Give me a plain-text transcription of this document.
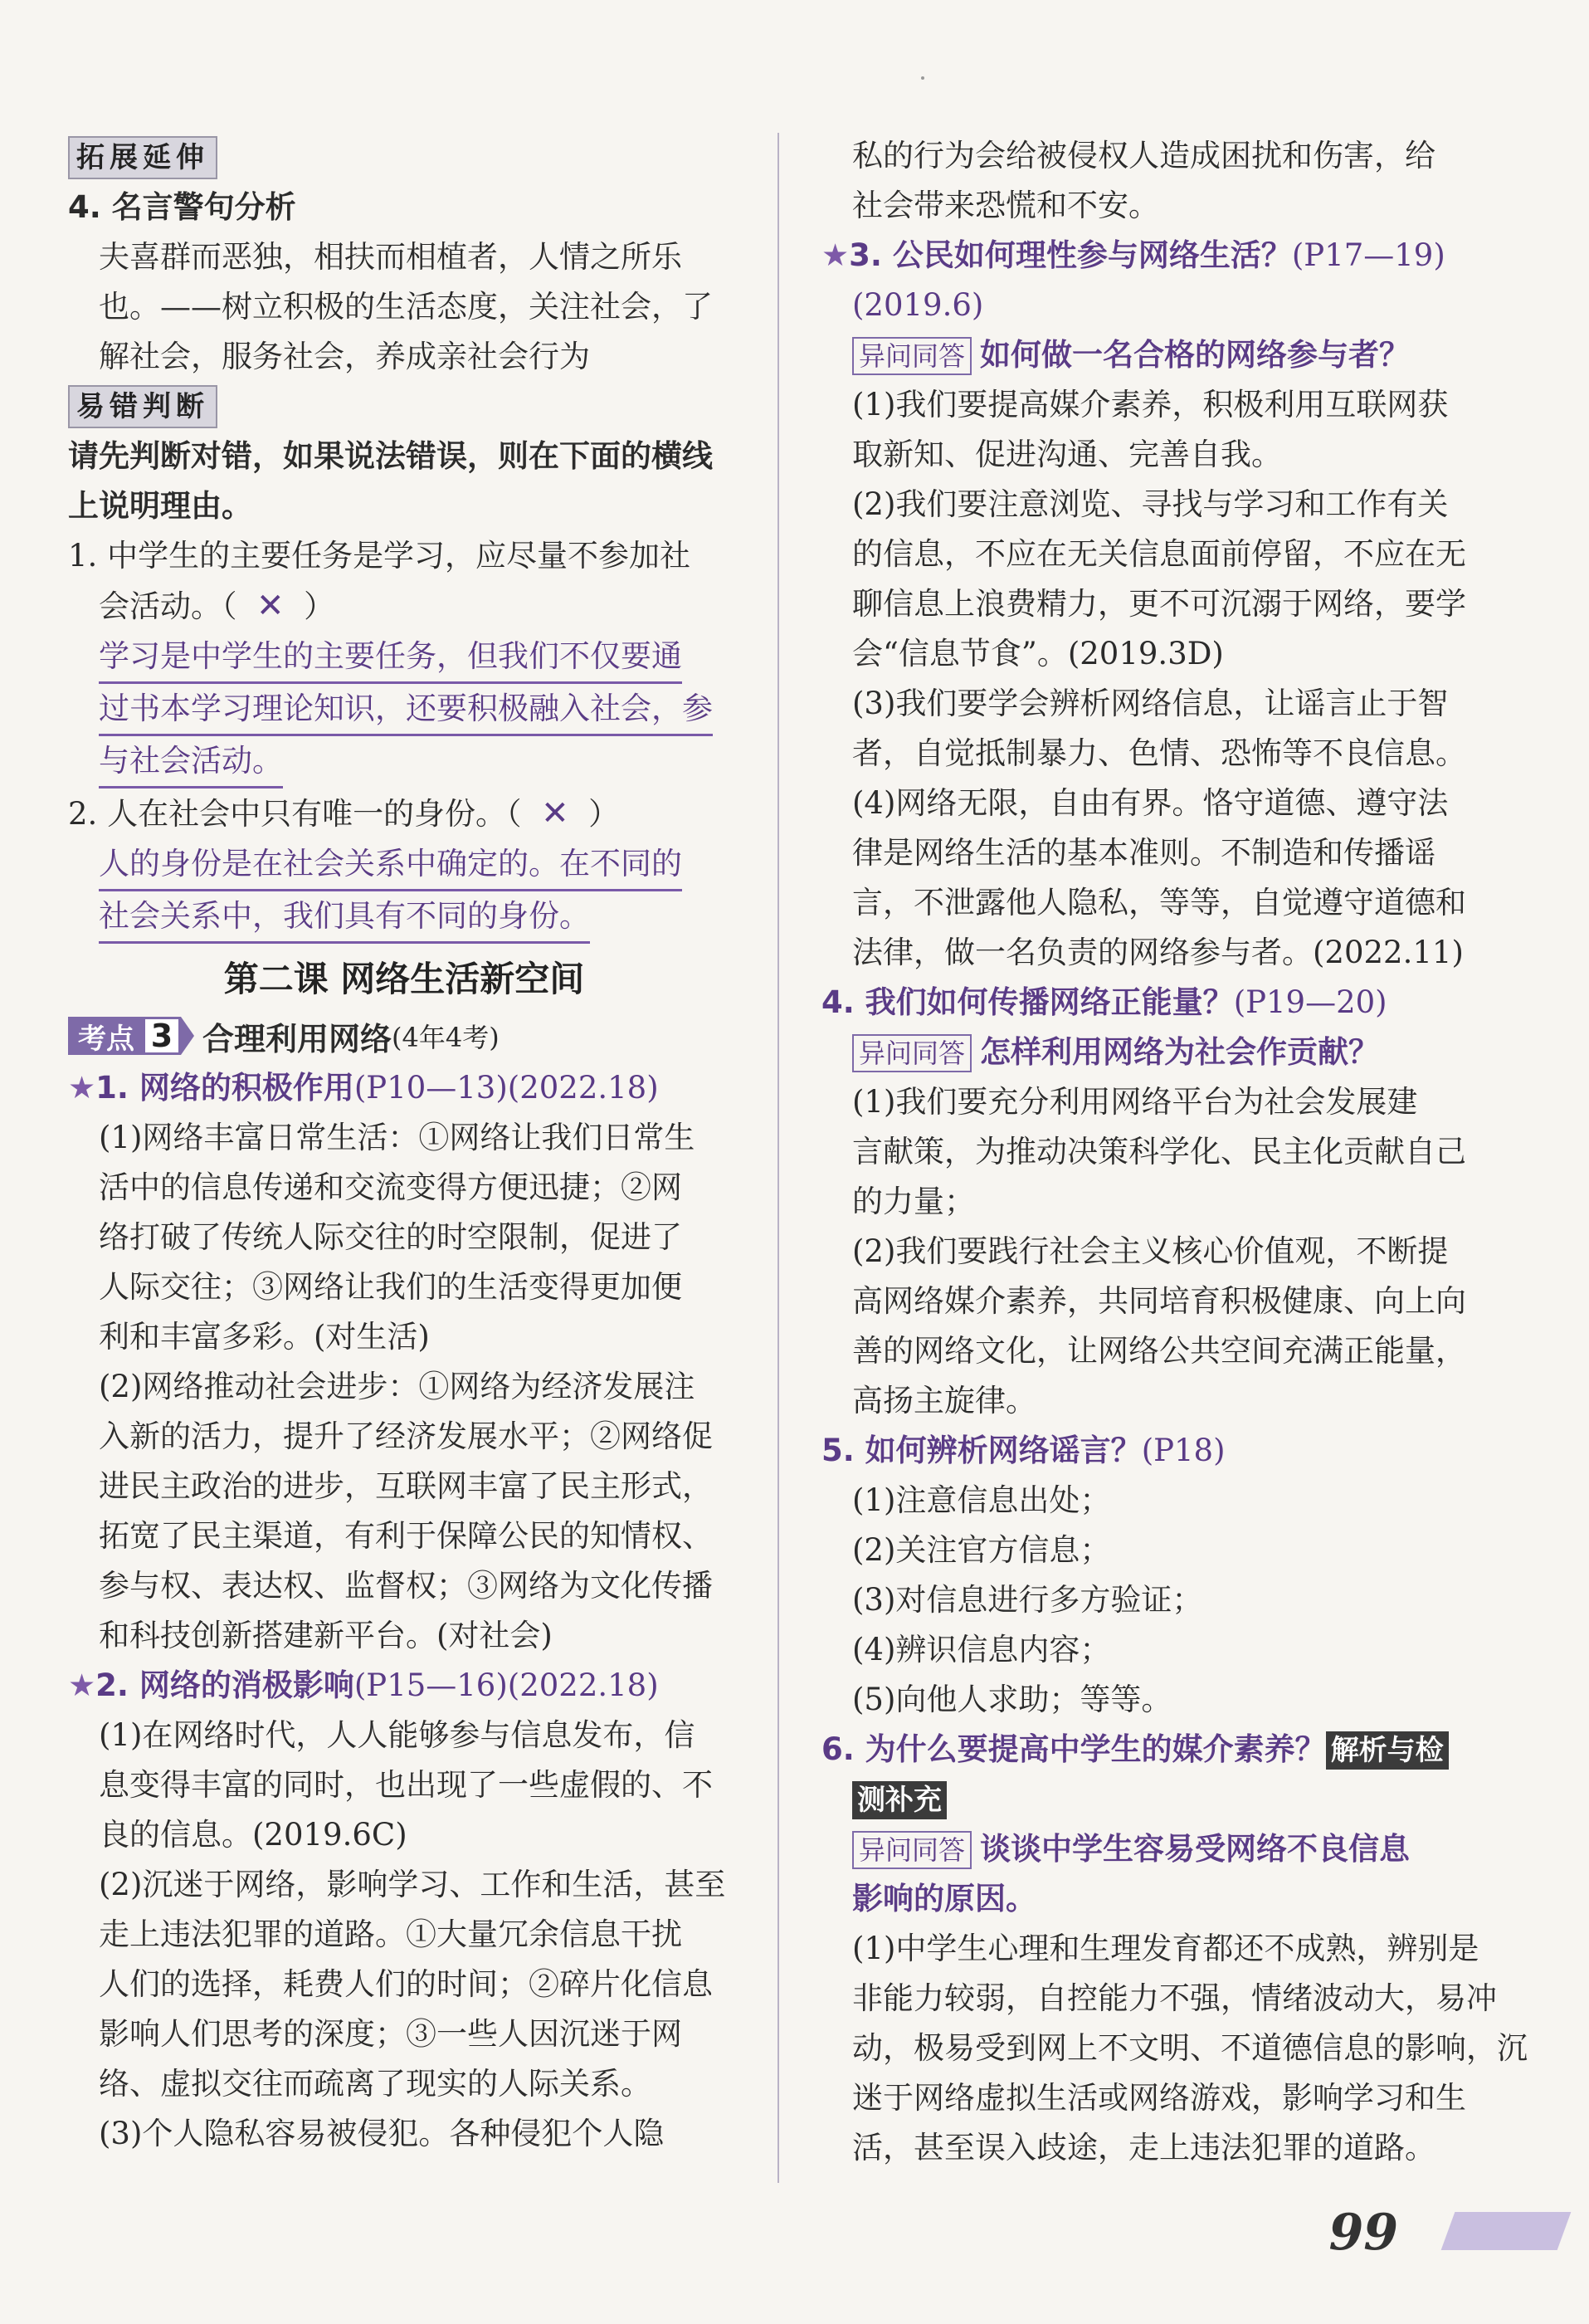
拓展延伸
4. 名言警句分析
夫喜群而恶独，相扶而相植者，人情之所乐
也。——树立积极的生活态度，关注社会，了
解社会，服务社会，养成亲社会行为
易错判断
请先判断对错，如果说法错误，则在下面的横线
上说明理由。
1. 中学生的主要任务是学习，应尽量不参加社
会活动。（ ✕ ）
学习是中学生的主要任务，但我们不仅要通
过书本学习理论知识，还要积极融入社会，参
与社会活动。
2. 人在社会中只有唯一的身份。（ ✕ ）
人的身份是在社会关系中确定的。在不同的
社会关系中，我们具有不同的身份。
第二课 网络生活新空间
考点 3 合理利用网络 (4年4考)
★1. 网络的积极作用(P10—13)(2022.18)
(1)网络丰富日常生活：①网络让我们日常生
活中的信息传递和交流变得方便迅捷；②网
络打破了传统人际交往的时空限制，促进了
人际交往；③网络让我们的生活变得更加便
利和丰富多彩。(对生活)
(2)网络推动社会进步：①网络为经济发展注
入新的活力，提升了经济发展水平；②网络促
进民主政治的进步，互联网丰富了民主形式，
拓宽了民主渠道，有利于保障公民的知情权、
参与权、表达权、监督权；③网络为文化传播
和科技创新搭建新平台。(对社会)
★2. 网络的消极影响(P15—16)(2022.18)
(1)在网络时代，人人能够参与信息发布，信
息变得丰富的同时，也出现了一些虚假的、不
良的信息。(2019.6C)
(2)沉迷于网络，影响学习、工作和生活，甚至
走上违法犯罪的道路。①大量冗余信息干扰
人们的选择，耗费人们的时间；②碎片化信息
影响人们思考的深度；③一些人因沉迷于网
络、虚拟交往而疏离了现实的人际关系。
(3)个人隐私容易被侵犯。各种侵犯个人隐
私的行为会给被侵权人造成困扰和伤害，给
社会带来恐慌和不安。
★3. 公民如何理性参与网络生活？(P17—19)
(2019.6)
异问同答 如何做一名合格的网络参与者？
(1)我们要提高媒介素养，积极利用互联网获
取新知、促进沟通、完善自我。
(2)我们要注意浏览、寻找与学习和工作有关
的信息，不应在无关信息面前停留，不应在无
聊信息上浪费精力，更不可沉溺于网络，要学
会“信息节食”。(2019.3D)
(3)我们要学会辨析网络信息，让谣言止于智
者，自觉抵制暴力、色情、恐怖等不良信息。
(4)网络无限，自由有界。恪守道德、遵守法
律是网络生活的基本准则。不制造和传播谣
言，不泄露他人隐私，等等，自觉遵守道德和
法律，做一名负责的网络参与者。(2022.11)
4. 我们如何传播网络正能量？(P19—20)
异问同答 怎样利用网络为社会作贡献？
(1)我们要充分利用网络平台为社会发展建
言献策，为推动决策科学化、民主化贡献自己
的力量；
(2)我们要践行社会主义核心价值观，不断提
高网络媒介素养，共同培育积极健康、向上向
善的网络文化，让网络公共空间充满正能量，
高扬主旋律。
5. 如何辨析网络谣言？(P18)
(1)注意信息出处；
(2)关注官方信息；
(3)对信息进行多方验证；
(4)辨识信息内容；
(5)向他人求助；等等。
6. 为什么要提高中学生的媒介素养？ 解析与检
测补充
异问同答 谈谈中学生容易受网络不良信息
影响的原因。
(1)中学生心理和生理发育都还不成熟，辨别是
非能力较弱，自控能力不强，情绪波动大，易冲
动，极易受到网上不文明、不道德信息的影响，沉
迷于网络虚拟生活或网络游戏，影响学习和生
活，甚至误入歧途，走上违法犯罪的道路。
99
